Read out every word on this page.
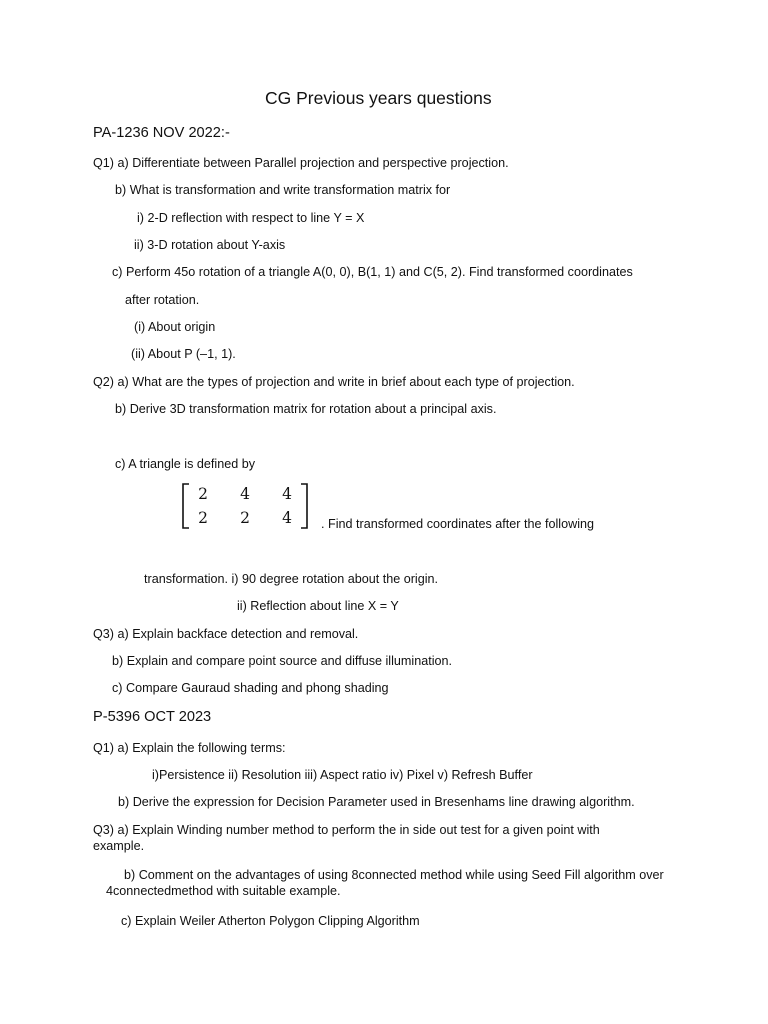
CG Previous years questions
PA-1236 NOV 2022:-
Q1) a) Differentiate between Parallel projection and perspective projection.
b) What is transformation and write transformation matrix for
i) 2-D reflection with respect to line Y = X
ii) 3-D rotation about Y-axis
c) Perform 45o rotation of a triangle A(0, 0), B(1, 1) and C(5, 2). Find transformed coordinates
after rotation.
(i) About origin
(ii) About P (–1, 1).
Q2) a) What are the types of projection and write in brief about each type of projection.
b) Derive 3D transformation matrix for rotation about a principal axis.
c) A triangle is defined by
2 4 4
2 2 4 . Find transformed coordinates after the following
transformation. i) 90 degree rotation about the origin.
ii) Reflection about line X = Y
Q3) a) Explain backface detection and removal.
b) Explain and compare point source and diffuse illumination.
c) Compare Gauraud shading and phong shading
P-5396 OCT 2023
Q1) a) Explain the following terms:
i)Persistence ii) Resolution iii) Aspect ratio iv) Pixel v) Refresh Buffer
b) Derive the expression for Decision Parameter used in Bresenhams line drawing algorithm.
Q3) a) Explain Winding number method to perform the in side out test for a given point with example.
b) Comment on the advantages of using 8connected method while using Seed Fill algorithm over 4connectedmethod with suitable example.
c) Explain Weiler Atherton Polygon Clipping Algorithm
